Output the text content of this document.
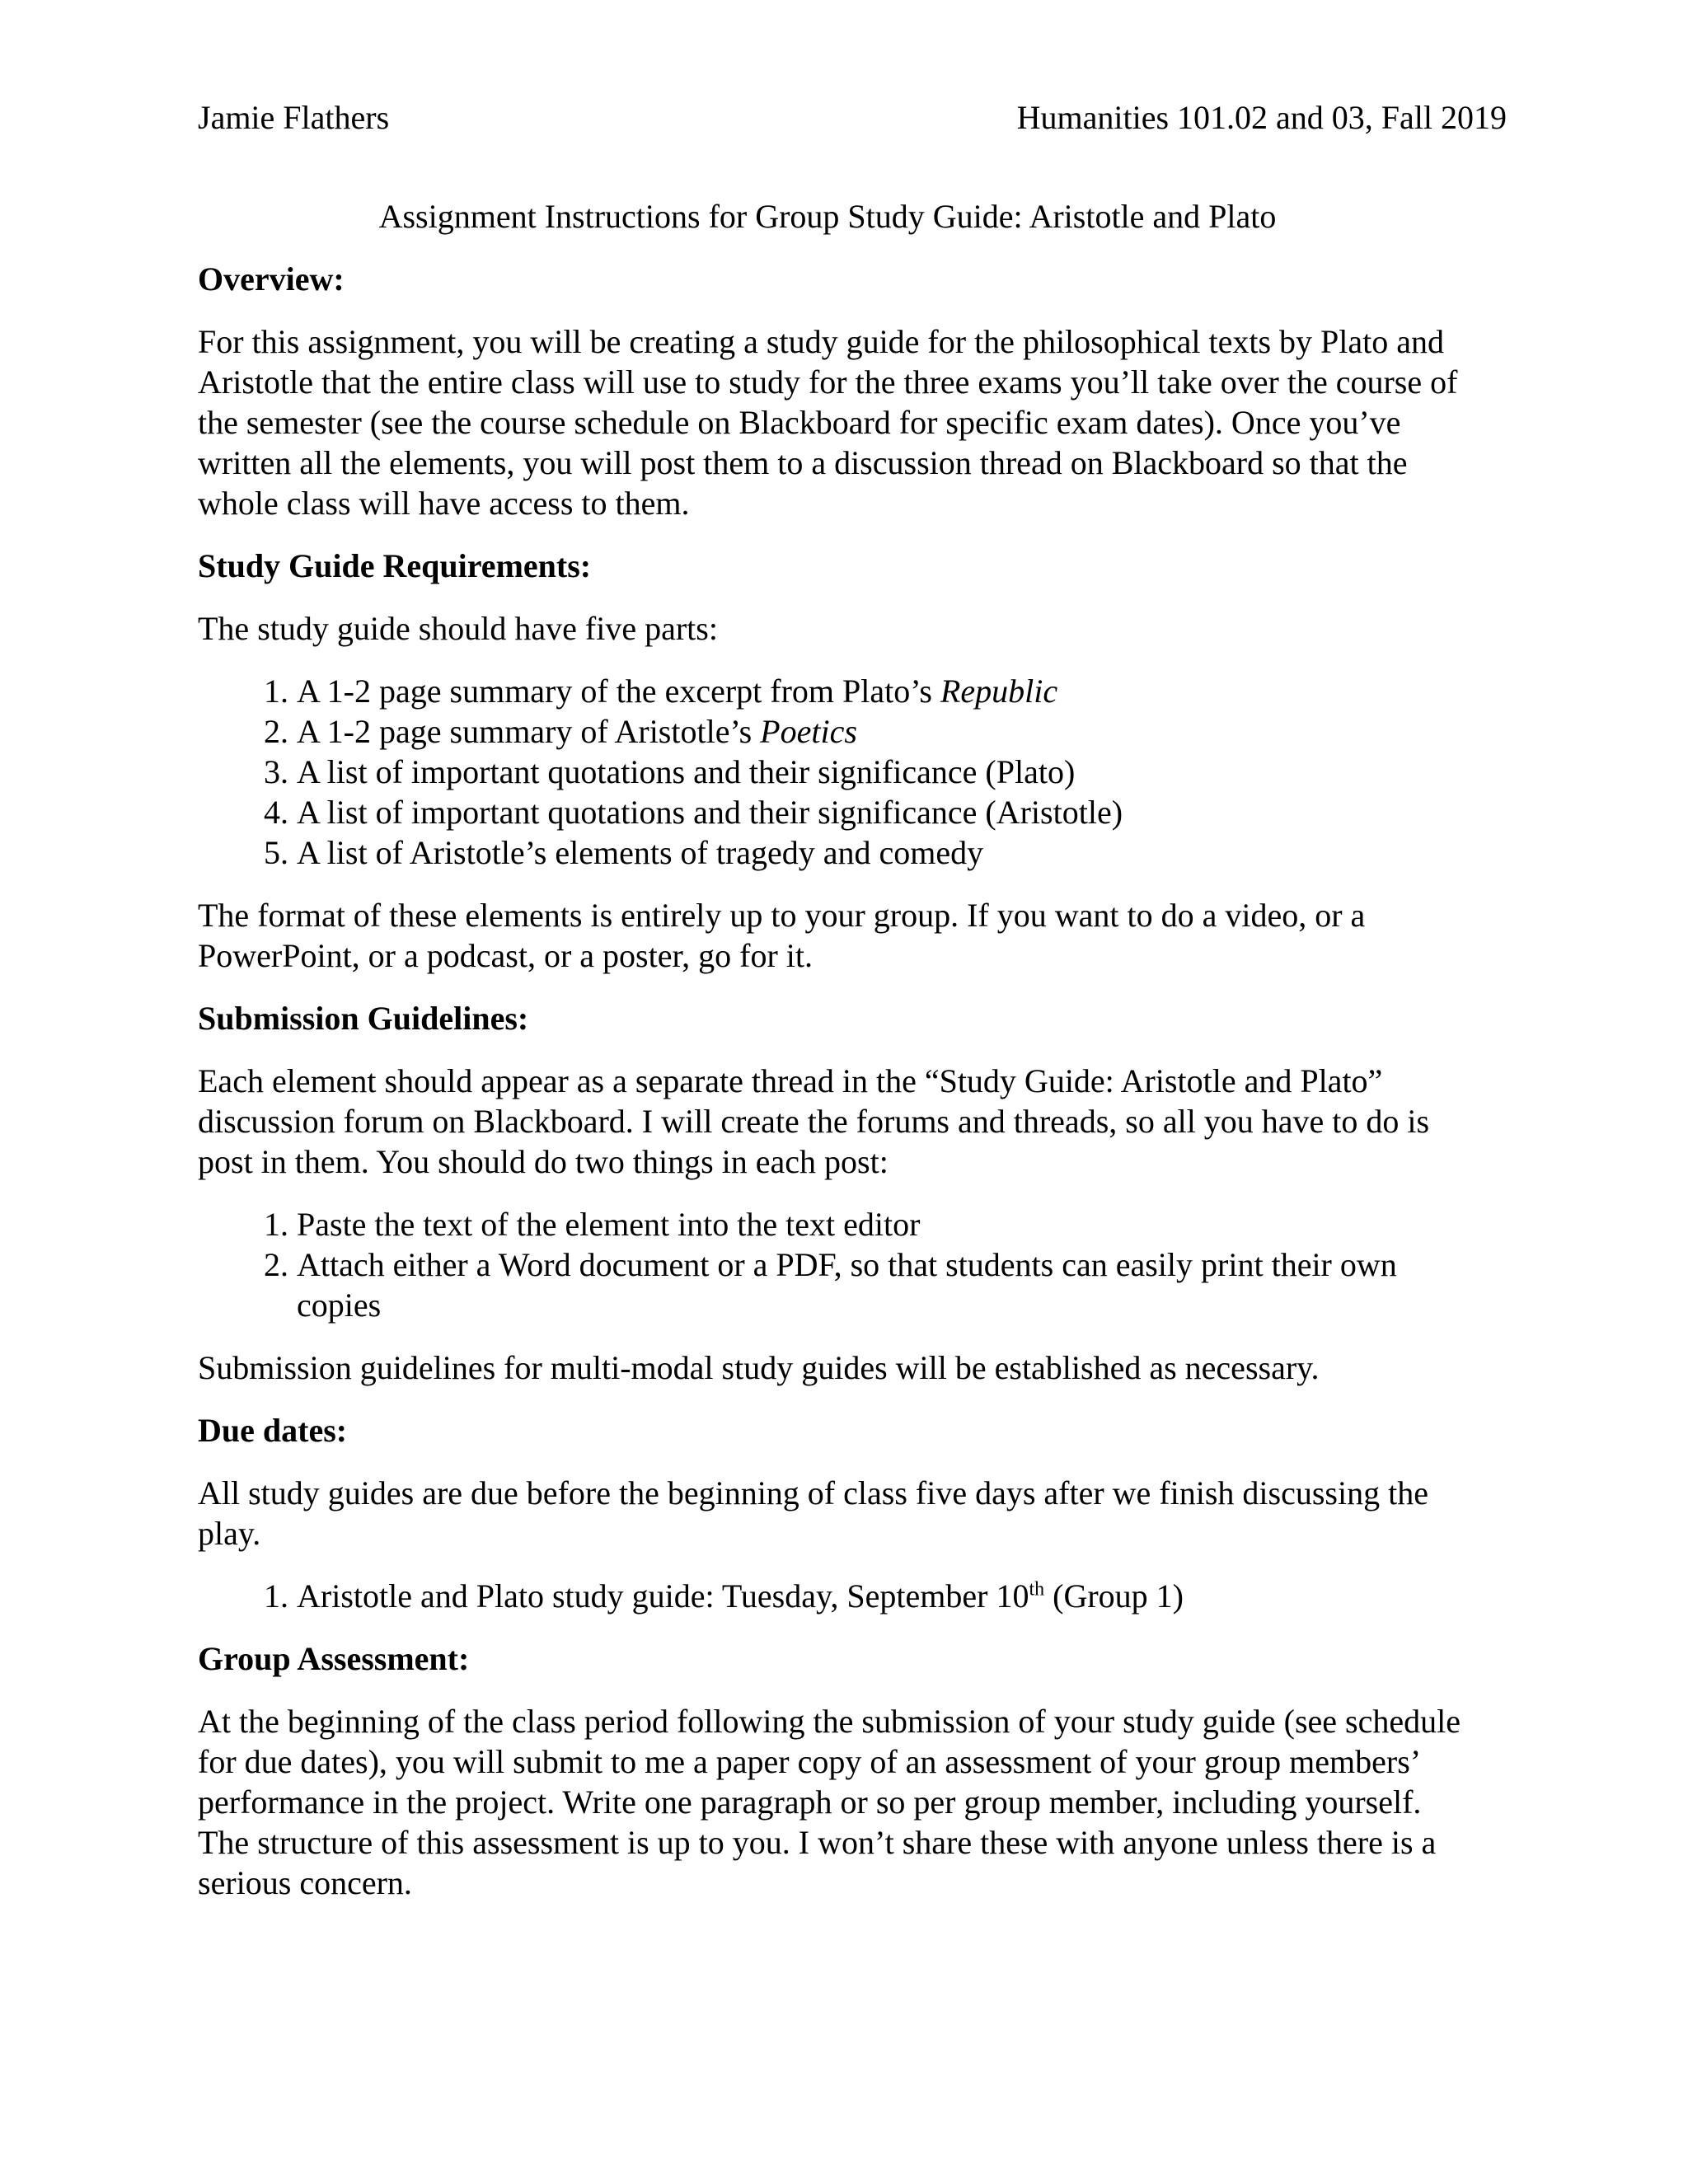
Jamie Flathers	Humanities 101.02 and 03, Fall 2019
Assignment Instructions for Group Study Guide: Aristotle and Plato
Overview:

For this assignment, you will be creating a study guide for the philosophical texts by Plato and Aristotle that the entire class will use to study for the three exams you’ll take over the course of the semester (see the course schedule on Blackboard for specific exam dates). Once you’ve written all the elements, you will post them to a discussion thread on Blackboard so that the whole class will have access to them.

Study Guide Requirements:

The study guide should have five parts:

1. A 1-2 page summary of the excerpt from Plato’s Republic
2. A 1-2 page summary of Aristotle’s Poetics
3. A list of important quotations and their significance (Plato)
4. A list of important quotations and their significance (Aristotle)
5. A list of Aristotle’s elements of tragedy and comedy

The format of these elements is entirely up to your group. If you want to do a video, or a PowerPoint, or a podcast, or a poster, go for it.

Submission Guidelines:

Each element should appear as a separate thread in the “Study Guide: Aristotle and Plato” discussion forum on Blackboard. I will create the forums and threads, so all you have to do is post in them. You should do two things in each post:

1. Paste the text of the element into the text editor
2. Attach either a Word document or a PDF, so that students can easily print their own copies

Submission guidelines for multi-modal study guides will be established as necessary.

Due dates:

All study guides are due before the beginning of class five days after we finish discussing the play.

1. Aristotle and Plato study guide: Tuesday, September 10th (Group 1)
Group Assessment:

At the beginning of the class period following the submission of your study guide (see schedule for due dates), you will submit to me a paper copy of an assessment of your group members’ performance in the project. Write one paragraph or so per group member, including yourself. The structure of this assessment is up to you. I won’t share these with anyone unless there is a serious concern.
